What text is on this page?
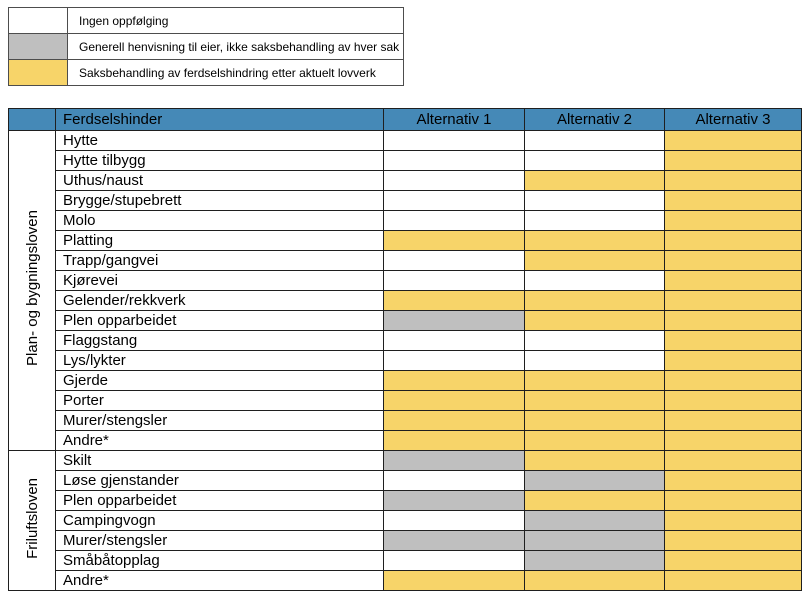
	Ingen oppfølging
	Generell henvisning til eier, ikke saksbehandling av hver sak
	Saksbehandling av ferdselshindring etter aktuelt lovverk
	Ferdselshinder	Alternativ 1	Alternativ 2	Alternativ 3
Plan- og bygningsloven	Hytte			
	Hytte tilbygg			
	Uthus/naust			
	Brygge/stupebrett			
	Molo			
	Platting			
	Trapp/gangvei			
	Kjørevei			
	Gelender/rekkverk			
	Plen opparbeidet			
	Flaggstang			
	Lys/lykter			
	Gjerde			
	Porter			
	Murer/stengsler			
	Andre*			
Friluftsloven	Skilt			
	Løse gjenstander			
	Plen opparbeidet			
	Campingvogn			
	Murer/stengsler			
	Småbåtopplag			
	Andre*			
